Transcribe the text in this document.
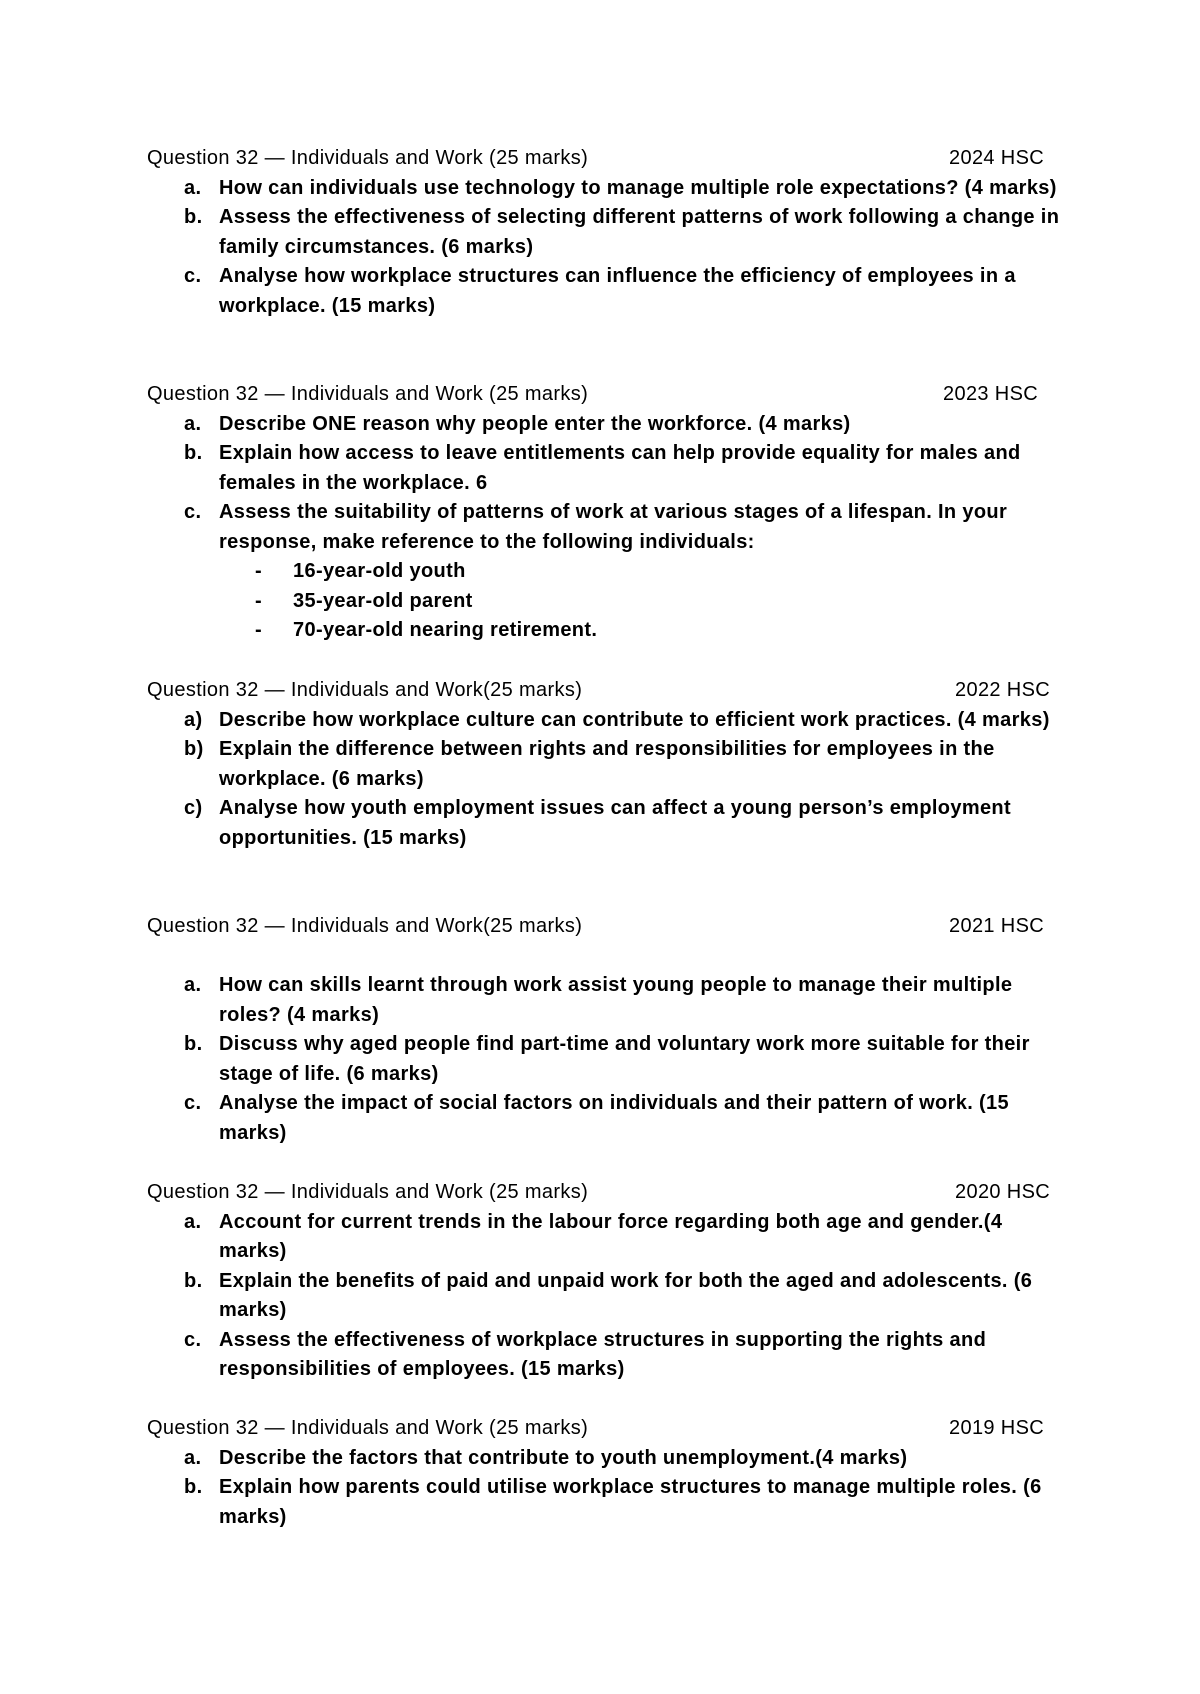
Question 32 — Individuals and Work (25 marks)	2024 HSC
a. How can individuals use technology to manage multiple role expectations? (4 marks)
b. Assess the effectiveness of selecting different patterns of work following a change in family circumstances. (6 marks)
c. Analyse how workplace structures can influence the efficiency of employees in a workplace. (15 marks)
Question 32 — Individuals and Work (25 marks)	2023 HSC
a. Describe ONE reason why people enter the workforce. (4 marks)
b. Explain how access to leave entitlements can help provide equality for males and females in the workplace. 6
c. Assess the suitability of patterns of work at various stages of a lifespan. In your response, make reference to the following individuals:
- 16-year-old youth
- 35-year-old parent
- 70-year-old nearing retirement.
Question 32 — Individuals and Work(25 marks)	2022 HSC
a) Describe how workplace culture can contribute to efficient work practices. (4 marks)
b) Explain the difference between rights and responsibilities for employees in the workplace. (6 marks)
c) Analyse how youth employment issues can affect a young person’s employment opportunities. (15 marks)
Question 32 — Individuals and Work(25 marks)	2021 HSC
a. How can skills learnt through work assist young people to manage their multiple roles? (4 marks)
b. Discuss why aged people find part-time and voluntary work more suitable for their stage of life. (6 marks)
c. Analyse the impact of social factors on individuals and their pattern of work. (15 marks)
Question 32 — Individuals and Work (25 marks)	2020 HSC
a. Account for current trends in the labour force regarding both age and gender.(4 marks)
b. Explain the benefits of paid and unpaid work for both the aged and adolescents. (6 marks)
c. Assess the effectiveness of workplace structures in supporting the rights and responsibilities of employees. (15 marks)
Question 32 — Individuals and Work (25 marks)	2019 HSC
a. Describe the factors that contribute to youth unemployment.(4 marks)
b. Explain how parents could utilise workplace structures to manage multiple roles. (6 marks)
